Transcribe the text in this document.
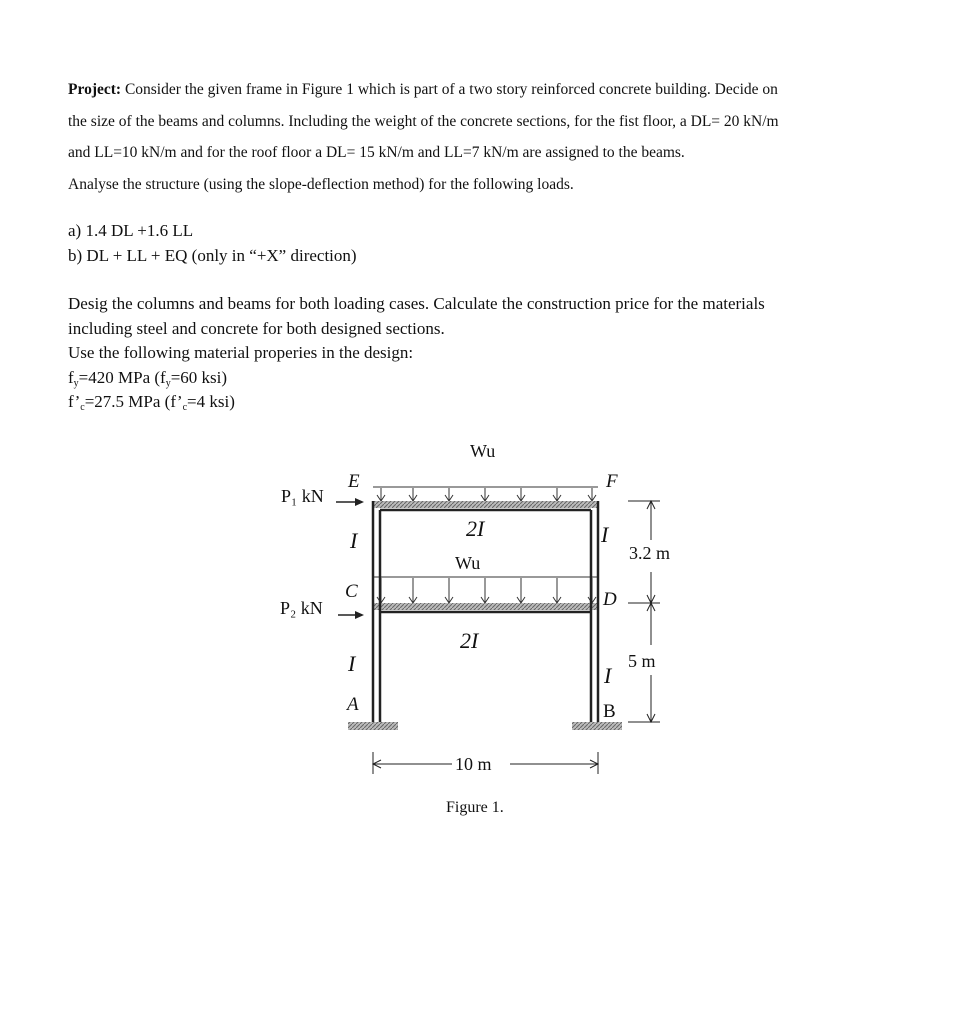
Project: Consider the given frame in Figure 1 which is part of a two story reinforced concrete building. Decide on
the size of the beams and columns. Including the weight of the concrete sections, for the fist floor, a DL= 20 kN/m
and LL=10 kN/m and for the roof floor a DL= 15 kN/m and LL=7 kN/m are assigned to the beams.
Analyse the structure (using the slope-deflection method) for the following loads.
a) 1.4 DL +1.6 LL
b) DL + LL + EQ (only in “+X” direction)
Desig the columns and beams for both loading cases. Calculate the construction price for the materials
including steel and concrete for both designed sections.
Use the following material properies in the design:
$f_y=420$ MPa ($f_y=60$ ksi)
$f’_c=27.5$ MPa ($f’_c=4$ ksi)
Wu
Wu
2I
2I
I	I
I	I
E	F
C	D
A	B
P₁ kN
P₂ kN
3.2 m
5 m
10 m
Figure 1.
